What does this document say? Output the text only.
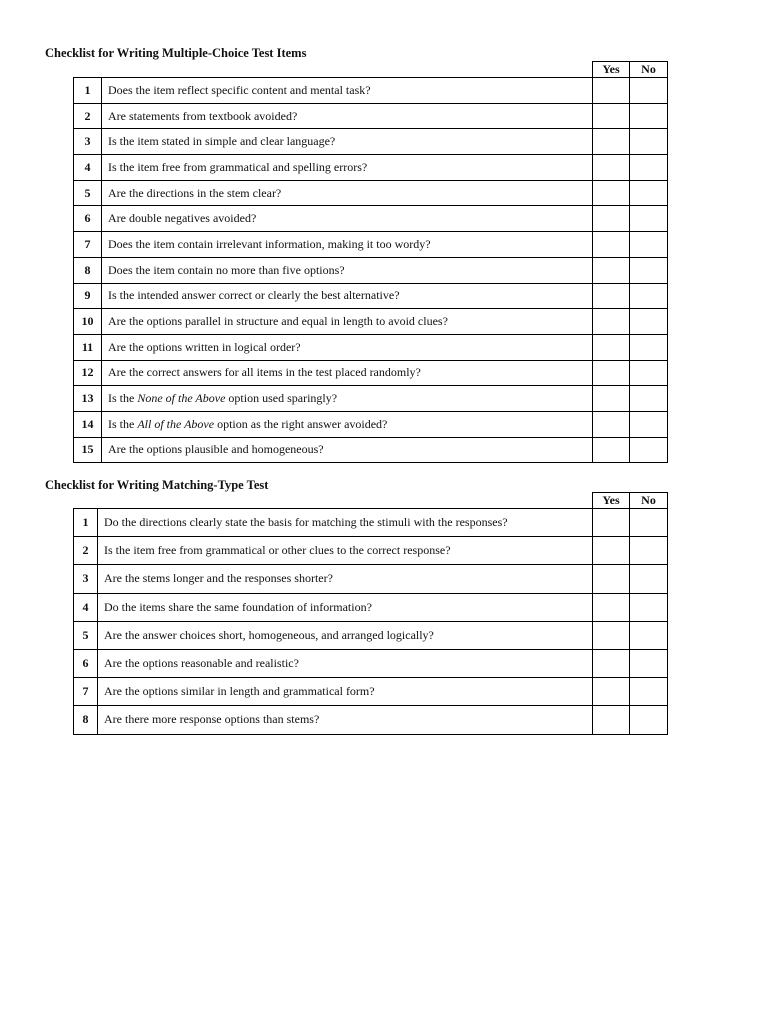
Checklist for Writing Multiple-Choice Test Items
		Yes	No
1	Does the item reflect specific content and mental task?		
2	Are statements from textbook avoided?		
3	Is the item stated in simple and clear language?		
4	Is the item free from grammatical and spelling errors?		
5	Are the directions in the stem clear?		
6	Are double negatives avoided?		
7	Does the item contain irrelevant information, making it too wordy?		
8	Does the item contain no more than five options?		
9	Is the intended answer correct or clearly the best alternative?		
10	Are the options parallel in structure and equal in length to avoid clues?		
11	Are the options written in logical order?		
12	Are the correct answers for all items in the test placed randomly?		
13	Is the None of the Above option used sparingly?		
14	Is the All of the Above option as the right answer avoided?		
15	Are the options plausible and homogeneous?		
Checklist for Writing Matching-Type Test
		Yes	No
1	Do the directions clearly state the basis for matching the stimuli with the responses?		
2	Is the item free from grammatical or other clues to the correct response?		
3	Are the stems longer and the responses shorter?		
4	Do the items share the same foundation of information?		
5	Are the answer choices short, homogeneous, and arranged logically?		
6	Are the options reasonable and realistic?		
7	Are the options similar in length and grammatical form?		
8	Are there more response options than stems?		
